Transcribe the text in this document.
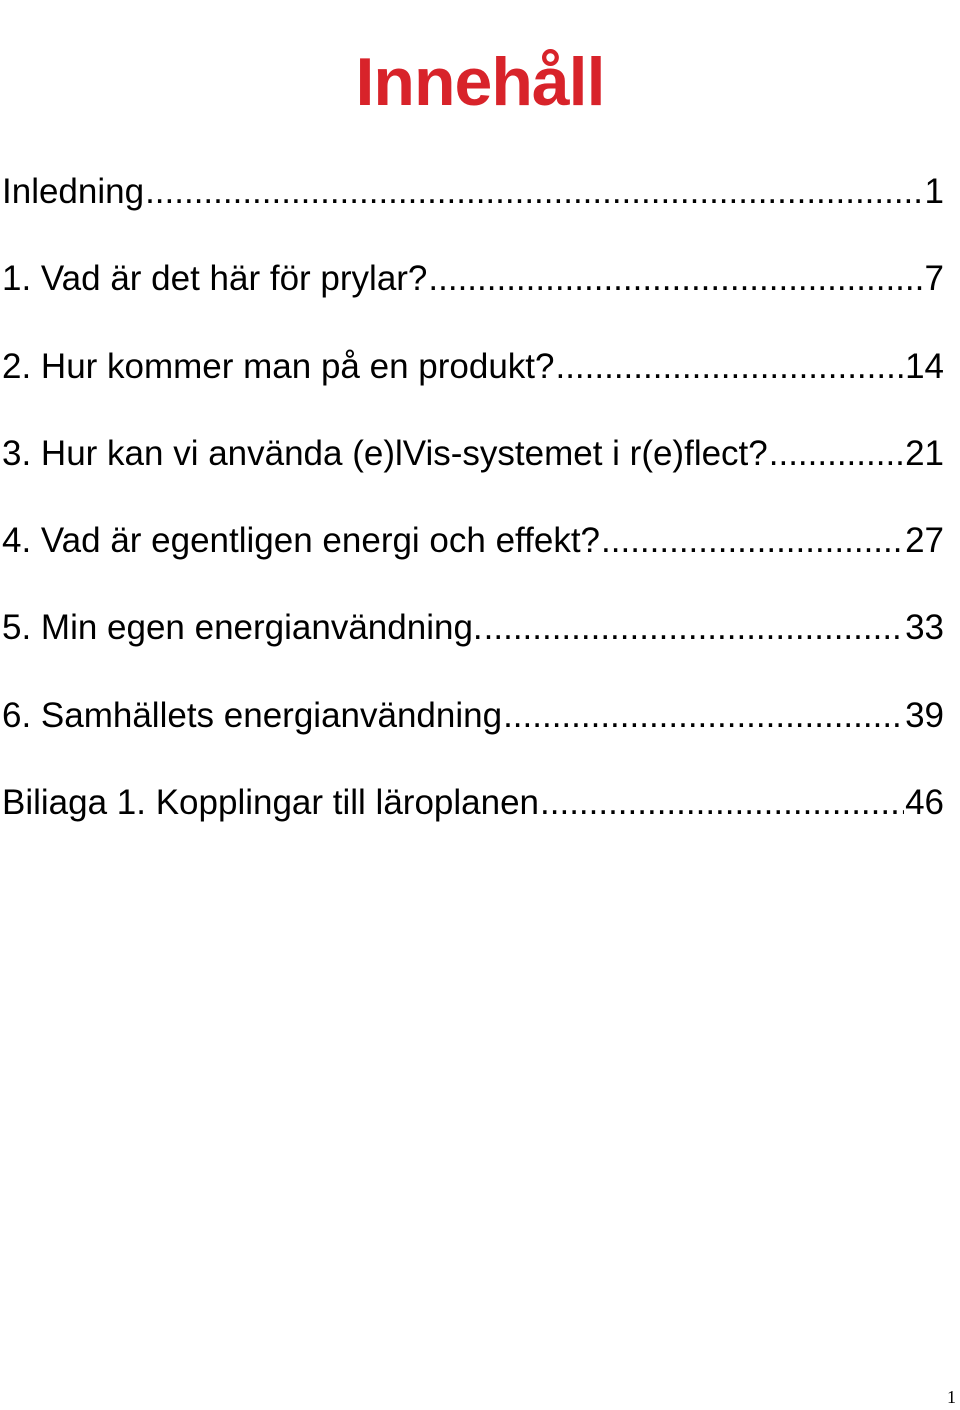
Innehåll
Inledning .....	1
1. Vad är det här för prylar? .....	7
2. Hur kommer man på en produkt? .....	14
3. Hur kan vi använda (e)lVis-systemet i r(e)flect? .....	21
4. Vad är egentligen energi och effekt? .....	27
5. Min egen energianvändning. .....	33
6. Samhällets energianvändning .....	39
Biliaga 1. Kopplingar till läroplanen .....	46
1
